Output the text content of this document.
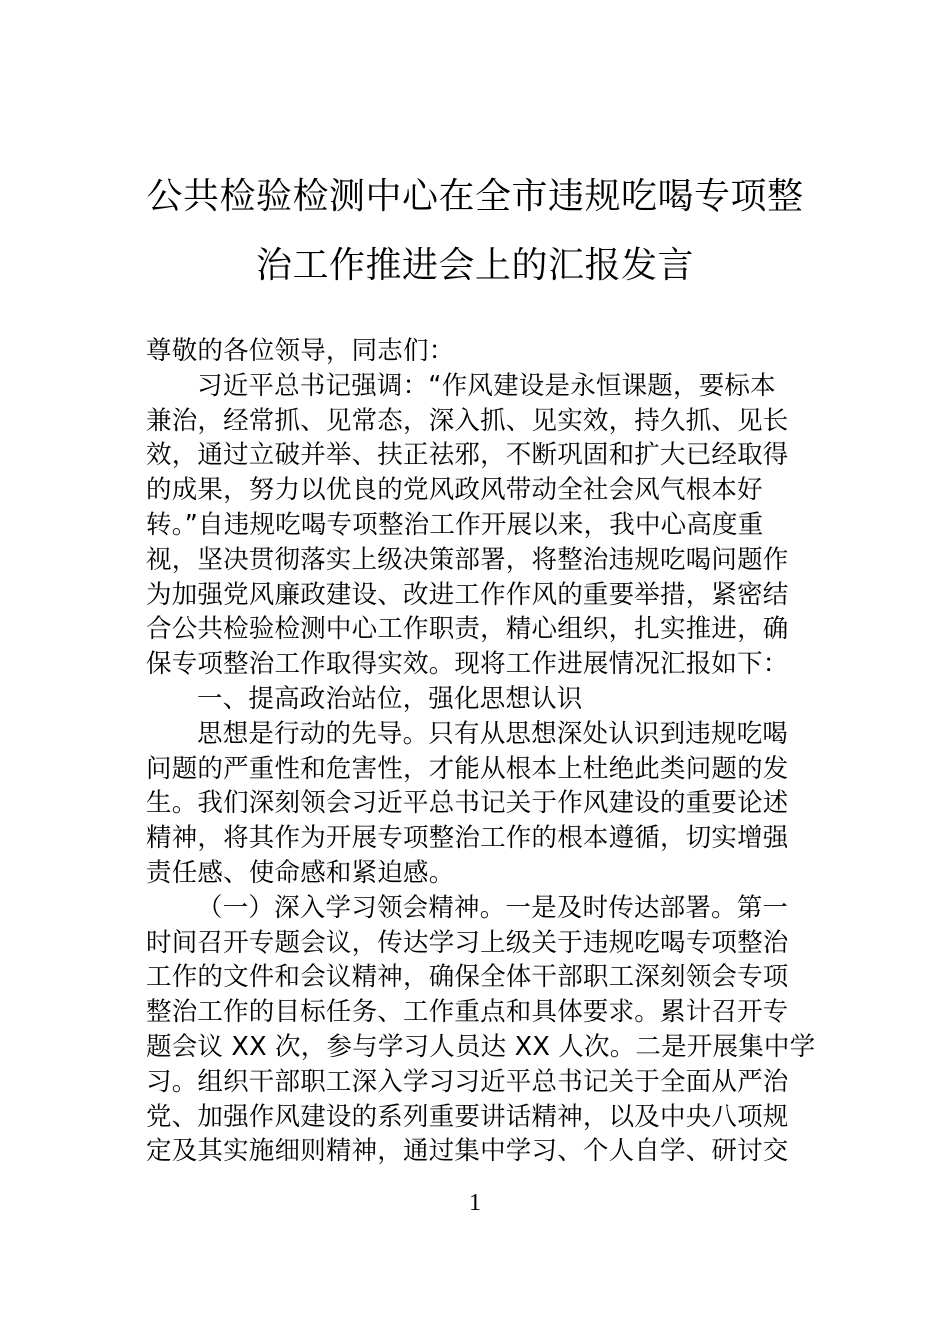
公共检验检测中心在全市违规吃喝专项整
治工作推进会上的汇报发言
尊敬的各位领导，同志们：
习近平总书记强调：“作风建设是永恒课题，要标本
兼治，经常抓、见常态，深入抓、见实效，持久抓、见长
效，通过立破并举、扶正祛邪，不断巩固和扩大已经取得
的成果，努力以优良的党风政风带动全社会风气根本好
转。”自违规吃喝专项整治工作开展以来，我中心高度重
视，坚决贯彻落实上级决策部署，将整治违规吃喝问题作
为加强党风廉政建设、改进工作作风的重要举措，紧密结
合公共检验检测中心工作职责，精心组织，扎实推进，确
保专项整治工作取得实效。现将工作进展情况汇报如下：
一、提高政治站位，强化思想认识
思想是行动的先导。只有从思想深处认识到违规吃喝
问题的严重性和危害性，才能从根本上杜绝此类问题的发
生。我们深刻领会习近平总书记关于作风建设的重要论述
精神，将其作为开展专项整治工作的根本遵循，切实增强
责任感、使命感和紧迫感。
（一）深入学习领会精神。一是及时传达部署。第一
时间召开专题会议，传达学习上级关于违规吃喝专项整治
工作的文件和会议精神，确保全体干部职工深刻领会专项
整治工作的目标任务、工作重点和具体要求。累计召开专
题会议 XX 次，参与学习人员达 XX 人次。二是开展集中学
习。组织干部职工深入学习习近平总书记关于全面从严治
党、加强作风建设的系列重要讲话精神，以及中央八项规
定及其实施细则精神，通过集中学习、个人自学、研讨交
1
